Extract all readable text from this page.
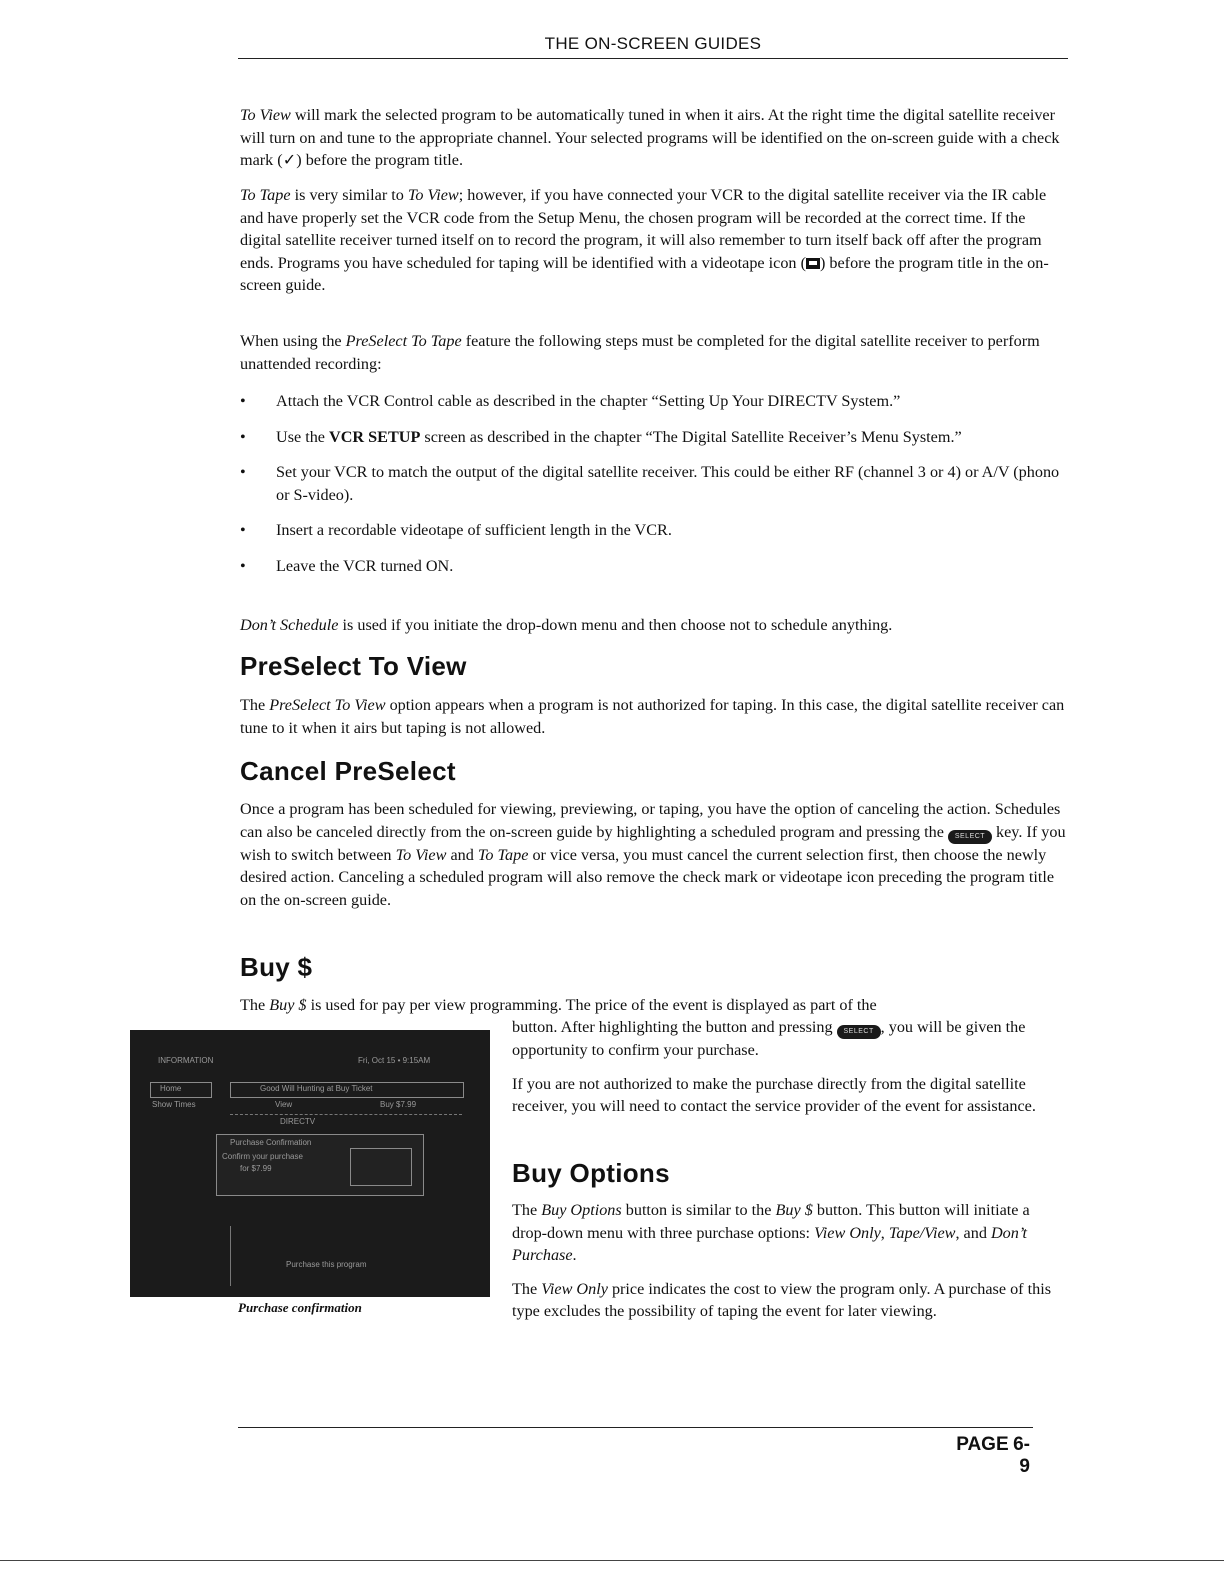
THE ON-SCREEN GUIDES

To View will mark the selected program to be automatically tuned in when it airs. At the right time the digital satellite receiver will turn on and tune to the appropriate channel. Your selected programs will be identified on the on-screen guide with a check mark (✓) before the program title.

To Tape is very similar to To View; however, if you have connected your VCR to the digital satellite receiver via the IR cable and have properly set the VCR code from the Setup Menu, the chosen program will be recorded at the correct time. If the digital satellite receiver turned itself on to record the program, it will also remember to turn itself back off after the program ends. Programs you have scheduled for taping will be identified with a videotape icon ( ) before the program title in the on-screen guide.

When using the PreSelect To Tape feature the following steps must be completed for the digital satellite receiver to perform unattended recording:

• Attach the VCR Control cable as described in the chapter “Setting Up Your DIRECTV System.”
• Use the VCR SETUP screen as described in the chapter “The Digital Satellite Receiver’s Menu System.”
• Set your VCR to match the output of the digital satellite receiver. This could be either RF (channel 3 or 4) or A/V (phono or S-video).
• Insert a recordable videotape of sufficient length in the VCR.
• Leave the VCR turned ON.

Don’t Schedule is used if you initiate the drop-down menu and then choose not to schedule anything.

PreSelect To View

The PreSelect To View option appears when a program is not authorized for taping. In this case, the digital satellite receiver can tune to it when it airs but taping is not allowed.

Cancel PreSelect

Once a program has been scheduled for viewing, previewing, or taping, you have the option of canceling the action. Schedules can also be canceled directly from the on-screen guide by highlighting a scheduled program and pressing the SELECT key. If you wish to switch between To View and To Tape or vice versa, you must cancel the current selection first, then choose the newly desired action. Canceling a scheduled program will also remove the check mark or videotape icon preceding the program title on the on-screen guide.

Buy $

The Buy $ is used for pay per view programming. The price of the event is displayed as part of the

button. After highlighting the button and pressing SELECT , you will be given the opportunity to confirm your purchase.

If you are not authorized to make the purchase directly from the digital satellite receiver, you will need to contact the service provider of the event for assistance.

Buy Options

The Buy Options button is similar to the Buy $ button. This button will initiate a drop-down menu with three purchase options: View Only, Tape/View, and Don’t Purchase.

The View Only price indicates the cost to view the program only. A purchase of this type excludes the possibility of taping the event for later viewing.

INFORMATION	Fri, Oct 15 • 9:15AM
Home
Show Times
Good Will Hunting at Buy Ticket
View	Buy $7.99
DIRECTV
Purchase Confirmation
Confirm your purchase
for $7.99
Purchase this program
Purchase confirmation
PAGE 6-9
